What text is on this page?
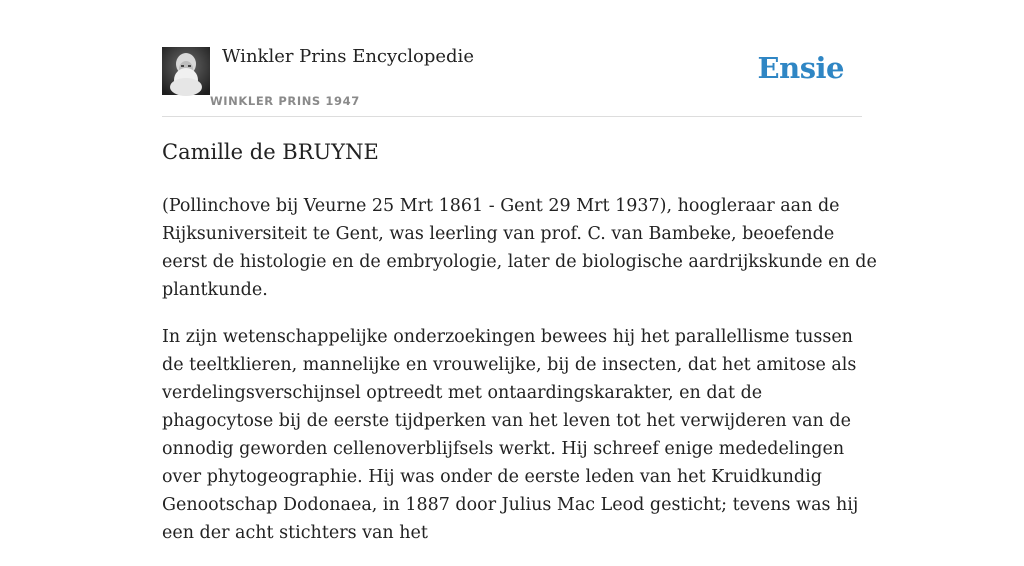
Winkler Prins Encyclopedie
WINKLER PRINS 1947
Ensie
Camille de BRUYNE

(Pollinchove bij Veurne 25 Mrt 1861 - Gent 29 Mrt 1937), hoogleraar aan de Rijksuniversiteit te Gent, was leerling van prof. C. van Bambeke, beoefende eerst de histologie en de embryologie, later de biologische aardrijkskunde en de plantkunde.

In zijn wetenschappelijke onderzoekingen bewees hij het parallellisme tussen de teeltklieren, mannelijke en vrouwelijke, bij de insecten, dat het amitose als verdelingsverschijnsel optreedt met ontaardingskarakter, en dat de phagocytose bij de eerste tijdperken van het leven tot het verwijderen van de onnodig geworden cellenoverblijfsels werkt. Hij schreef enige mededelingen over phytogeographie. Hij was onder de eerste leden van het Kruidkundig Genootschap Dodonaea, in 1887 door Julius Mac Leod gesticht; tevens was hij een der acht stichters van het
